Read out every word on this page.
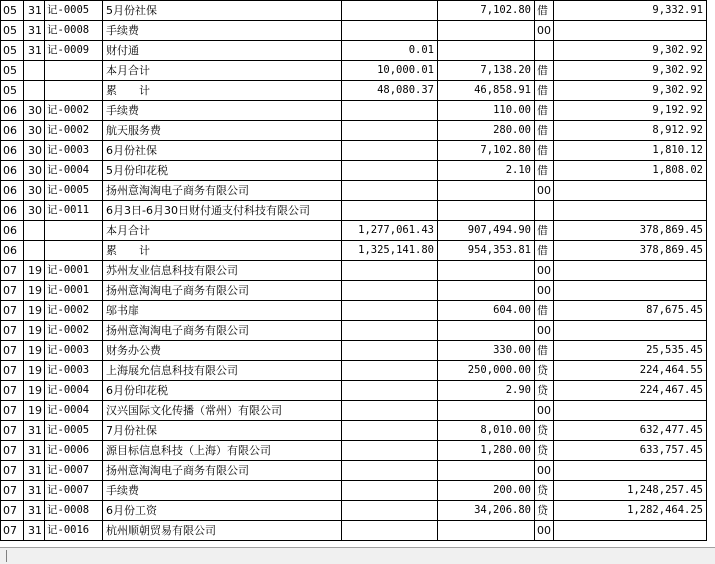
05	31	记-0005	5月份社保		7,102.80	借	9,332.91
05	31	记-0008	手续费			00	
05	31	记-0009	财付通	0.01			9,302.92
05			本月合计	10,000.01	7,138.20	借	9,302.92
05			累　　计	48,080.37	46,858.91	借	9,302.92
06	30	记-0002	手续费		110.00	借	9,192.92
06	30	记-0002	航天服务费		280.00	借	8,912.92
06	30	记-0003	6月份社保		7,102.80	借	1,810.12
06	30	记-0004	5月份印花税		2.10	借	1,808.02
06	30	记-0005	扬州意淘淘电子商务有限公司			00	
06	30	记-0011	6月3日-6月30日财付通支付科技有限公司				
06			本月合计	1,277,061.43	907,494.90	借	378,869.45
06			累　　计	1,325,141.80	954,353.81	借	378,869.45
07	19	记-0001	苏州友业信息科技有限公司			00	
07	19	记-0001	扬州意淘淘电子商务有限公司			00	
07	19	记-0002	邬书扉		604.00	借	87,675.45
07	19	记-0002	扬州意淘淘电子商务有限公司			00	
07	19	记-0003	财务办公费		330.00	借	25,535.45
07	19	记-0003	上海展允信息科技有限公司		250,000.00	贷	224,464.55
07	19	记-0004	6月份印花税		2.90	贷	224,467.45
07	19	记-0004	汉兴国际文化传播（常州）有限公司			00	
07	31	记-0005	7月份社保		8,010.00	贷	632,477.45
07	31	记-0006	源目标信息科技（上海）有限公司		1,280.00	贷	633,757.45
07	31	记-0007	扬州意淘淘电子商务有限公司			00	
07	31	记-0007	手续费		200.00	贷	1,248,257.45
07	31	记-0008	6月份工资		34,206.80	贷	1,282,464.25
07	31	记-0016	杭州顺朝贸易有限公司			00	
